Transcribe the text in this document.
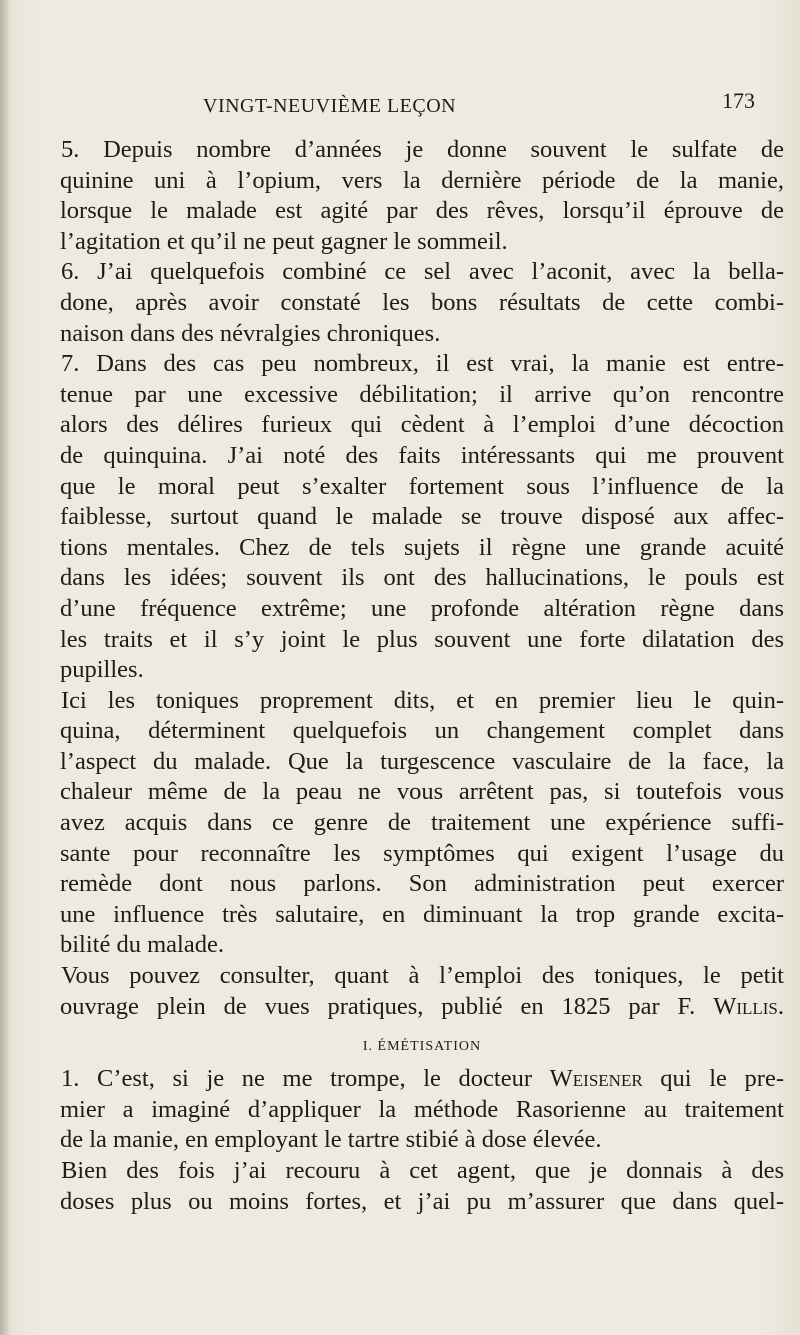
VINGT-NEUVIÈME LEÇON	173
5. Depuis nombre d’années je donne souvent le sulfate de
quinine uni à l’opium, vers la dernière période de la manie,
lorsque le malade est agité par des rêves, lorsqu’il éprouve de
l’agitation et qu’il ne peut gagner le sommeil.
6. J’ai quelquefois combiné ce sel avec l’aconit, avec la bella-
done, après avoir constaté les bons résultats de cette combi-
naison dans des névralgies chroniques.
7. Dans des cas peu nombreux, il est vrai, la manie est entre-
tenue par une excessive débilitation; il arrive qu’on rencontre
alors des délires furieux qui cèdent à l’emploi d’une décoction
de quinquina. J’ai noté des faits intéressants qui me prouvent
que le moral peut s’exalter fortement sous l’influence de la
faiblesse, surtout quand le malade se trouve disposé aux affec-
tions mentales. Chez de tels sujets il règne une grande acuité
dans les idées; souvent ils ont des hallucinations, le pouls est
d’une fréquence extrême; une profonde altération règne dans
les traits et il s’y joint le plus souvent une forte dilatation des
pupilles.
Ici les toniques proprement dits, et en premier lieu le quin-
quina, déterminent quelquefois un changement complet dans
l’aspect du malade. Que la turgescence vasculaire de la face, la
chaleur même de la peau ne vous arrêtent pas, si toutefois vous
avez acquis dans ce genre de traitement une expérience suffi-
sante pour reconnaître les symptômes qui exigent l’usage du
remède dont nous parlons. Son administration peut exercer
une influence très salutaire, en diminuant la trop grande excita-
bilité du malade.
Vous pouvez consulter, quant à l’emploi des toniques, le petit
ouvrage plein de vues pratiques, publié en 1825 par F. Willis.
I. ÉMÉTISATION
1. C’est, si je ne me trompe, le docteur Weisener qui le pre-
mier a imaginé d’appliquer la méthode Rasorienne au traitement
de la manie, en employant le tartre stibié à dose élevée.
Bien des fois j’ai recouru à cet agent, que je donnais à des
doses plus ou moins fortes, et j’ai pu m’assurer que dans quel-
